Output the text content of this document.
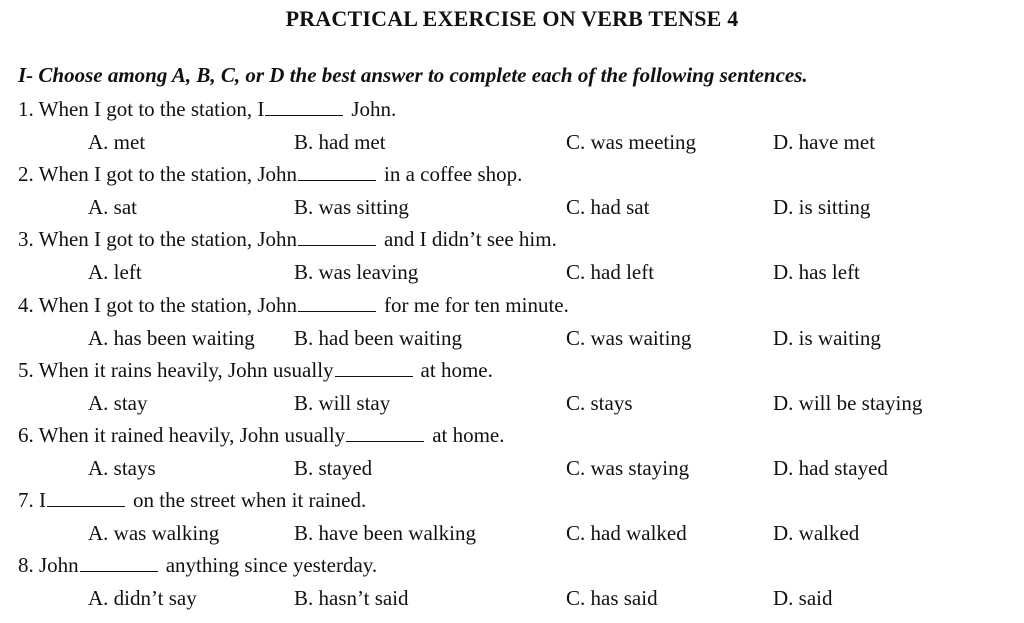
PRACTICAL EXERCISE ON VERB TENSE 4
I- Choose among A, B, C, or D the best answer to complete each of the following sentences.
1. When I got to the station, I	John.
A. met	B. had met	C. was meeting	D. have met
2. When I got to the station, John	in a coffee shop.
A. sat	B. was sitting	C. had sat	D. is sitting
3. When I got to the station, John	and I didn’t see him.
A. left	B. was leaving	C. had left	D. has left
4. When I got to the station, John	for me for ten minute.
A. has been waiting B. had been waiting	C. was waiting	D. is waiting
5. When it rains heavily, John usually	at home.
A. stay	B. will stay	C. stays	D. will be staying
6. When it rained heavily, John usually	at home.
A. stays	B. stayed	C. was staying	D. had stayed
7. I	on the street when it rained.
A. was walking	B. have been walking	C. had walked	D. walked
8. John	anything since yesterday.
A. didn’t say	B. hasn’t said	C. has said	D. said
